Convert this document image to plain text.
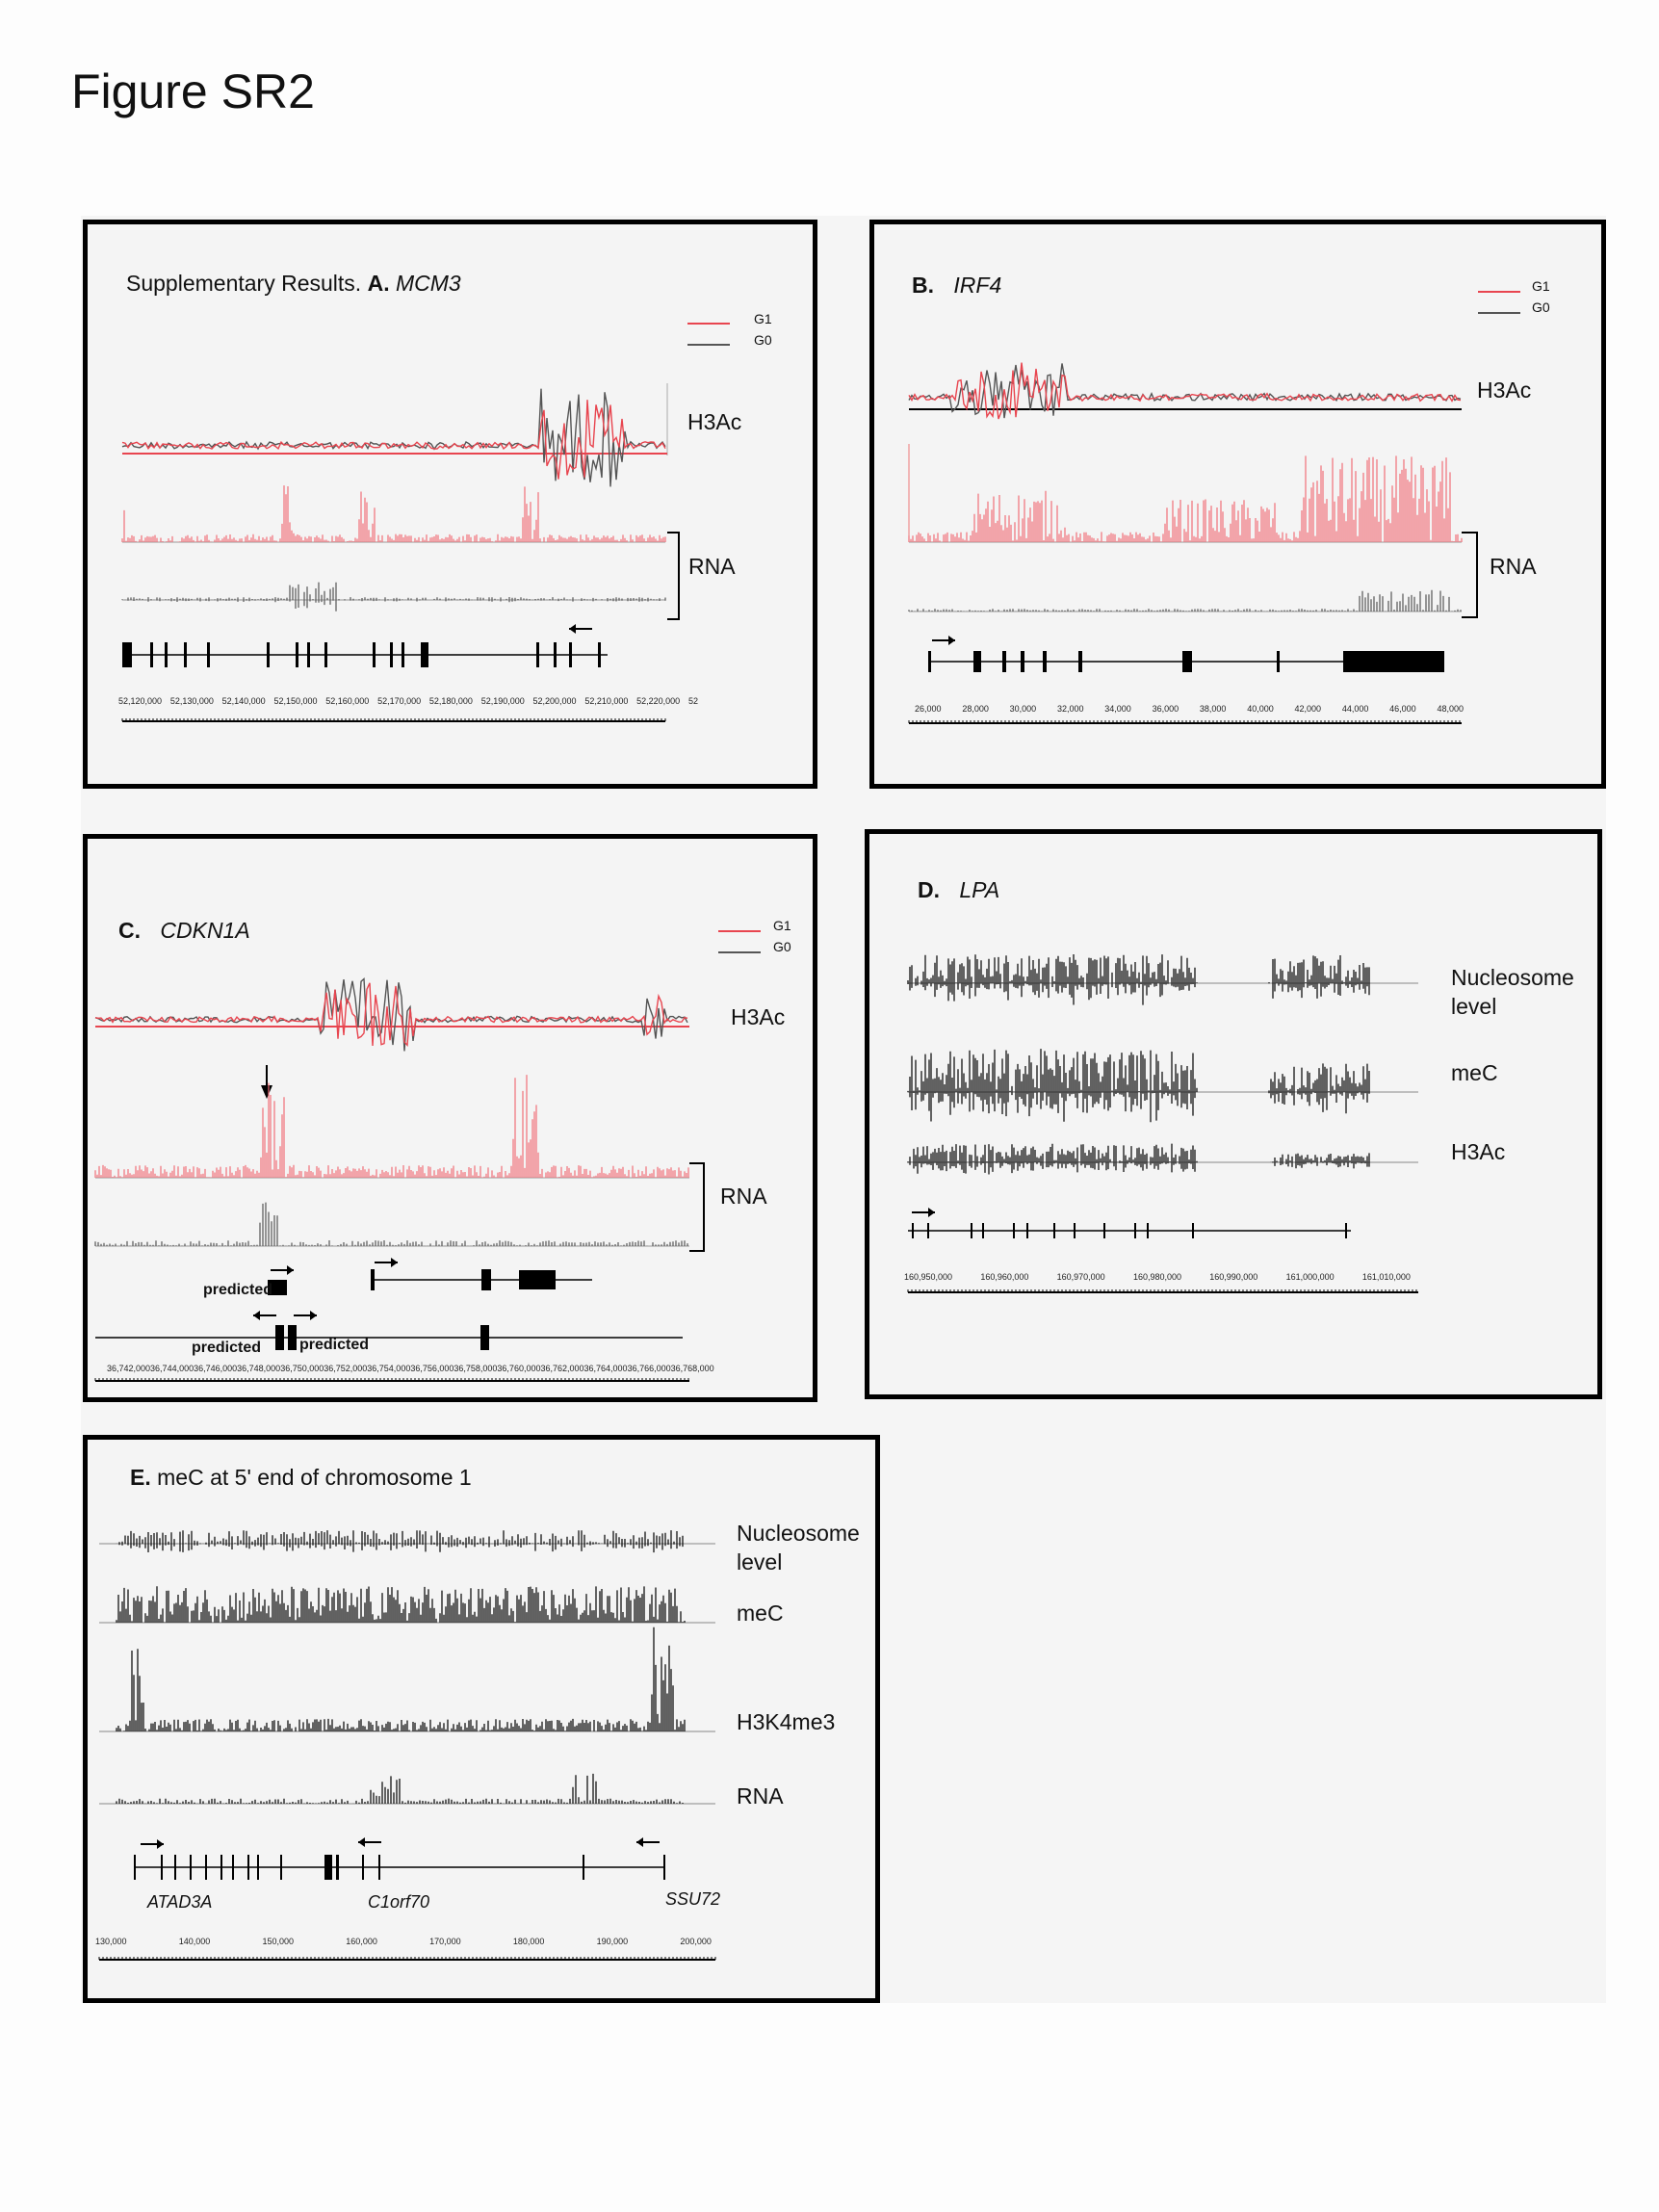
Figure SR2
Supplementary Results. A. MCM3
G1
G0
H3Ac
RNA
52,120,000 52,130,000 52,140,000 52,150,000 52,160,000 52,170,000 52,180,000 52,190,000 52,200,000 52,210,000 52,220,000 52
B. IRF4	G1
G0
H3Ac
RNA
26,000 28,000 30,000 32,000 34,000 36,000 38,000 40,000 42,000 44,000 46,000 48,000
C. CDKN1A	G1
G0
H3Ac
RNA
predicted
predicted predicted
36,742,000 36,744,000 36,746,000 36,748,000 36,750,000 36,752,000 36,754,000 36,756,000 36,758,000 36,760,000 36,762,000 36,764,000 36,766,000 36,768,000
D. LPA
Nucleosome level
meC
H3Ac
160,950,000	160,960,000	160,970,000	160,980,000	160,990,000	161,000,000	161,010,000
E. meC at 5' end of chromosome 1
Nucleosome level
meC
H3K4me3
RNA
ATAD3A	C1orf70	SSU72
130,000	140,000	150,000	160,000	170,000	180,000	190,000	200,000
